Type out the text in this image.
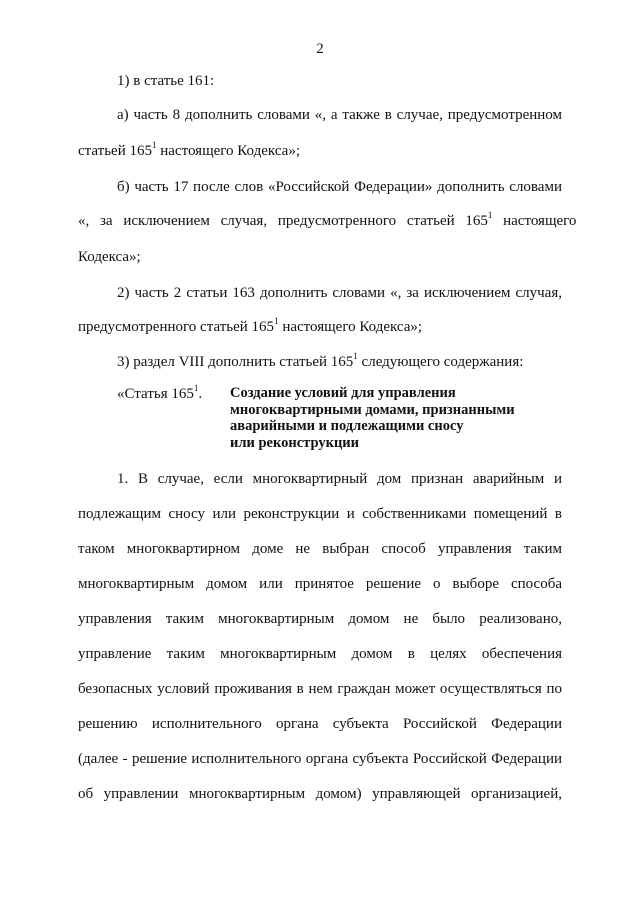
2
1) в статье 161:
а) часть 8 дополнить словами «, а также в случае, предусмотренном
статьей $165^1$ настоящего Кодекса»;
б) часть 17 после слов «Российской Федерации» дополнить словами
«, за исключением случая, предусмотренного статьей $165^1$ настоящего
Кодекса»;
2) часть 2 статьи 163 дополнить словами «, за исключением случая,
предусмотренного статьей $165^1$ настоящего Кодекса»;
3) раздел VIII дополнить статьей $165^1$ следующего содержания:
«Статья $165^1$. Создание условий для управления
многоквартирными домами, признанными
аварийными и подлежащими сносу
или реконструкции
1. В случае, если многоквартирный дом признан аварийным и
подлежащим сносу или реконструкции и собственниками помещений в
таком многоквартирном доме не выбран способ управления таким
многоквартирным домом или принятое решение о выборе способа
управления таким многоквартирным домом не было реализовано,
управление таким многоквартирным домом в целях обеспечения
безопасных условий проживания в нем граждан может осуществляться по
решению исполнительного органа субъекта Российской Федерации
(далее - решение исполнительного органа субъекта Российской Федерации
об управлении многоквартирным домом) управляющей организацией,
